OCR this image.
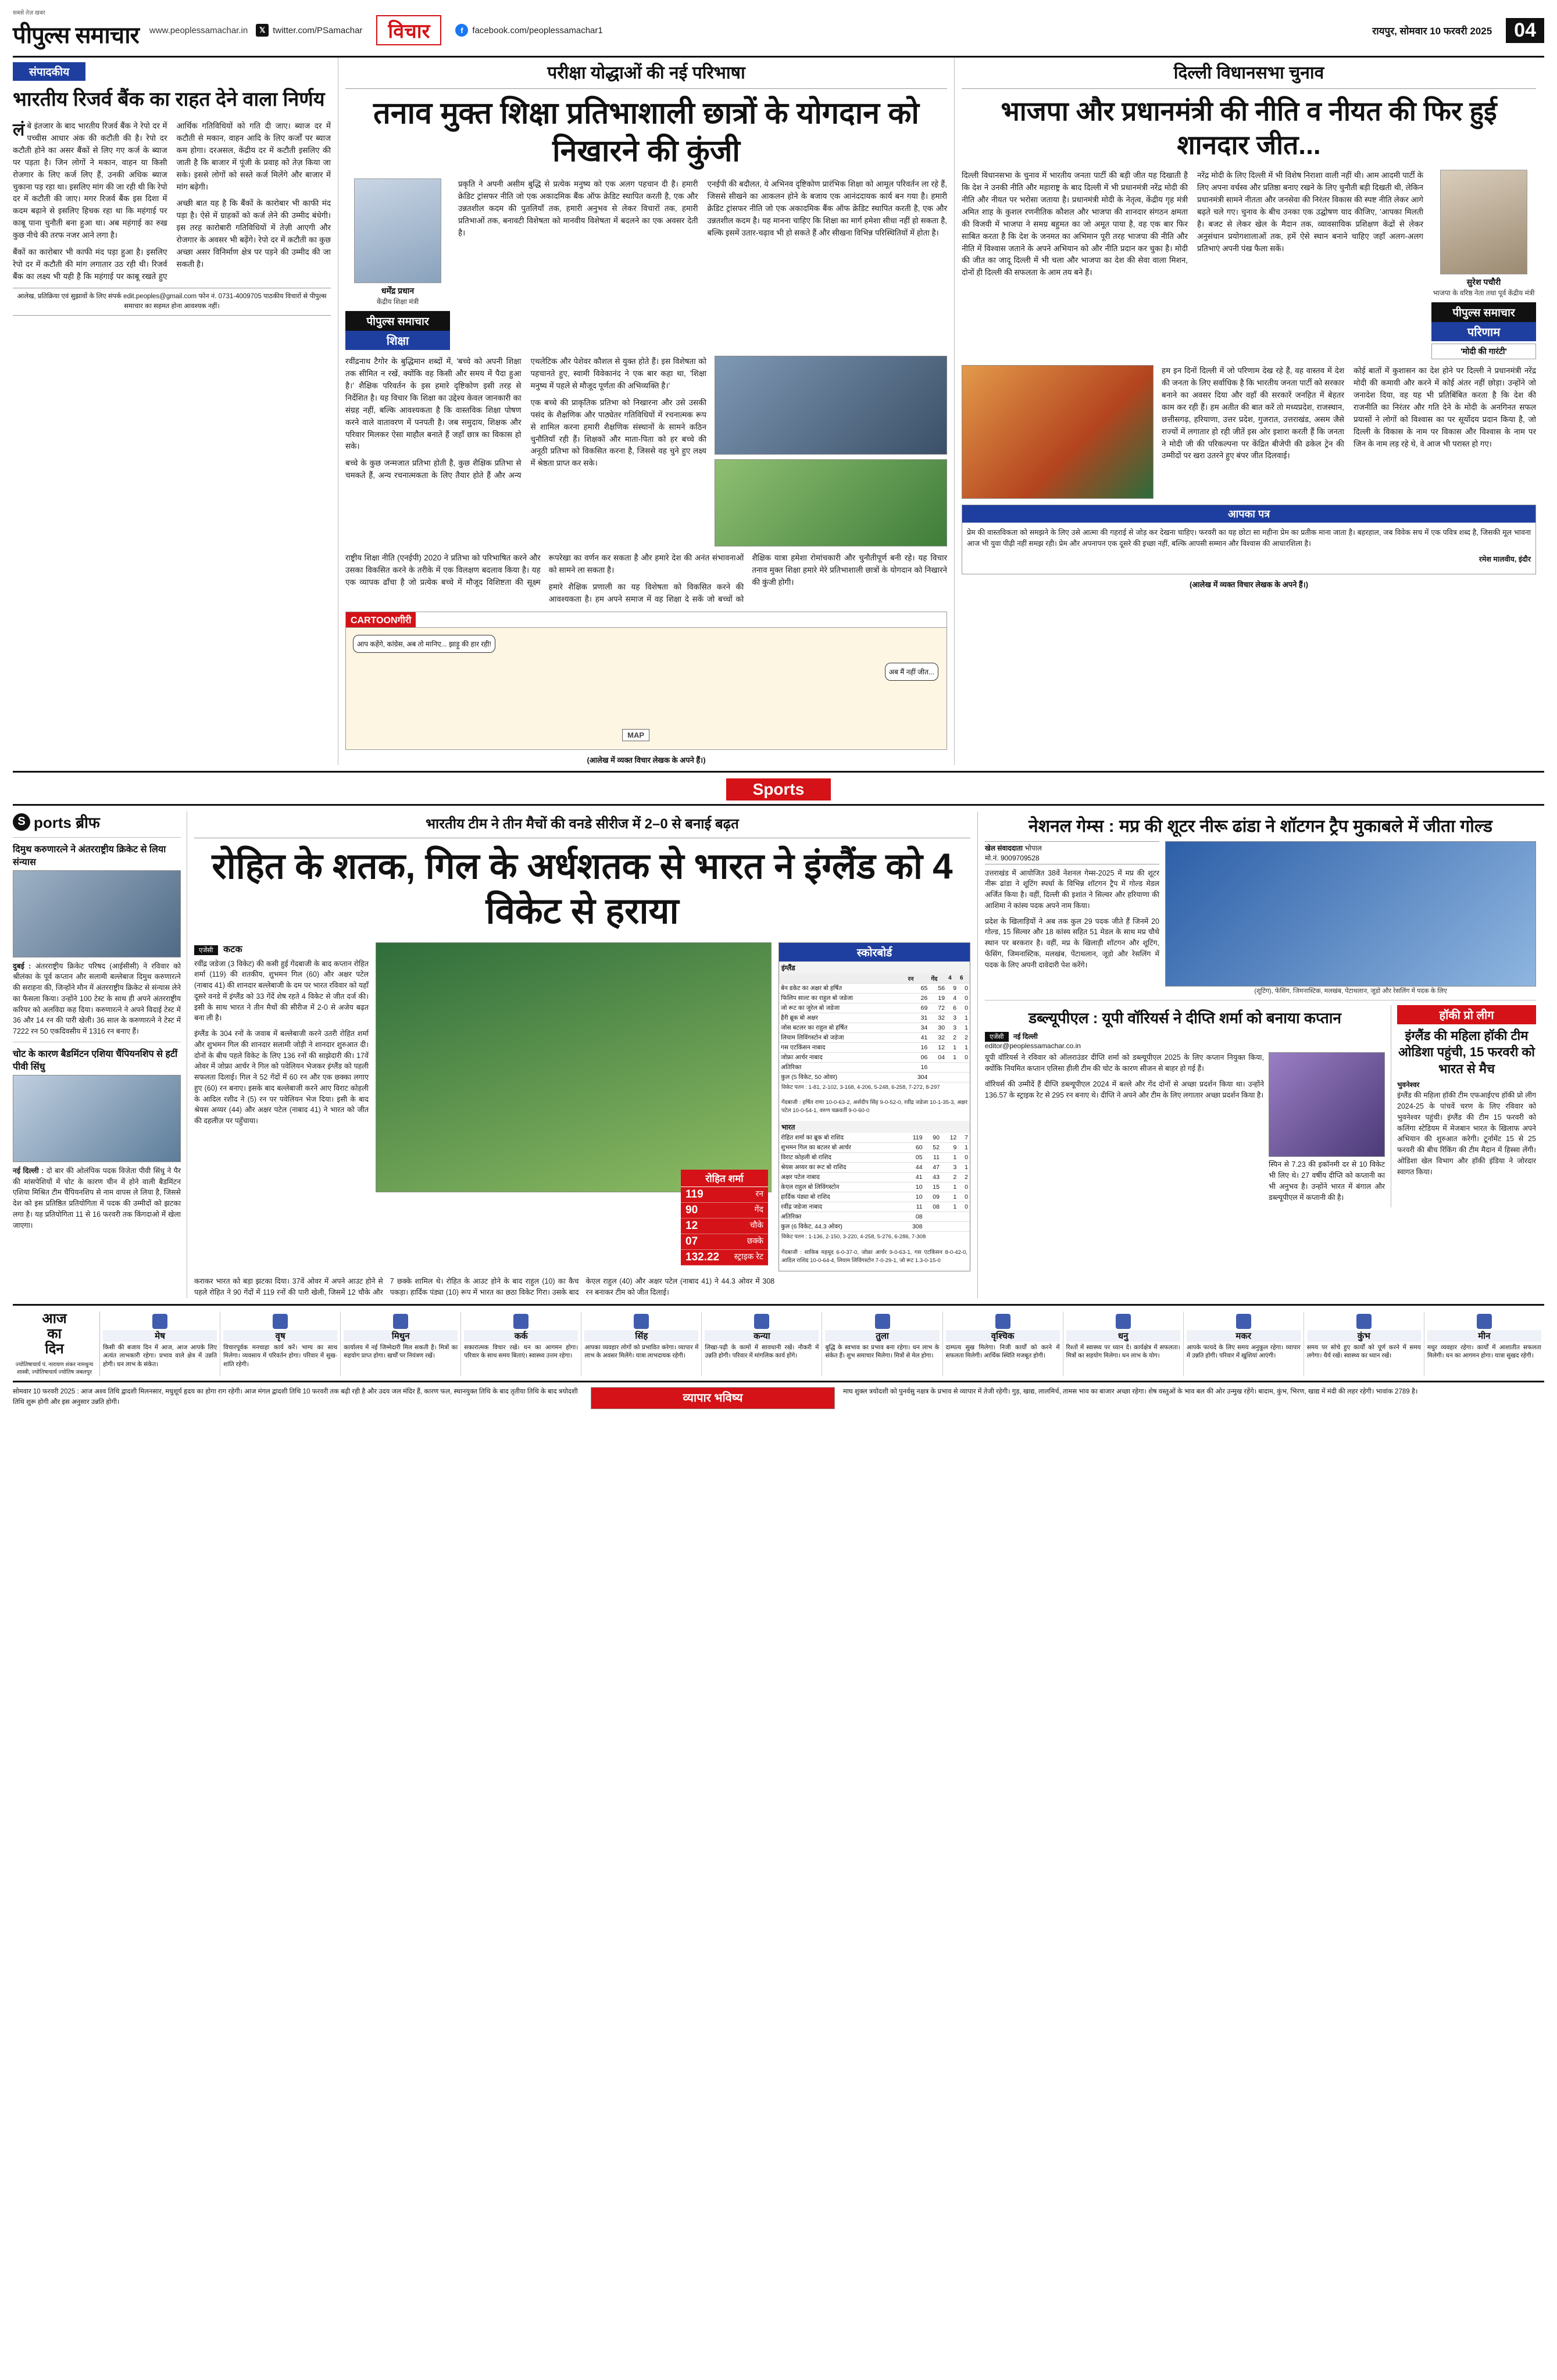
सबसे तेज़ खबर
पीपुल्स समाचार www.peoplessamachar.in	𝕏 twitter.com/PSamachar	विचार	f	facebook.com/peoplessamachar1	रायपुर, सोमवार 10 फरवरी 2025	04
संपादकीय
भारतीय रिजर्व बैंक का राहत देने वाला निर्णय

लंबे इंतजार के बाद भारतीय रिजर्व बैंक ने रेपो दर में पच्चीस आधार अंक की कटौती की है। रेपो दर कटौती होने का असर बैंकों से लिए गए कर्ज के ब्याज पर पड़ता है। जिन लोगों ने मकान, वाहन या किसी रोजगार के लिए कर्ज लिए हैं, उनकी अधिक ब्याज चुकाना पड़ रहा था। इसलिए मांग की जा रही थी कि रेपो दर में कटौती की जाए। मगर रिजर्व बैंक इस दिशा में कदम बढ़ाने से इसलिए हिचक रहा था कि महंगाई पर काबू पाना चुनौती बना हुआ था। अब महंगाई का रुख कुछ नीचे की तरफ नजर आने लगा है।

बैंकों का कारोबार भी काफी मंद पड़ा हुआ है। इसलिए रेपो दर में कटौती की मांग लगातार उठ रही थी। रिजर्व बैंक का लक्ष्य भी यही है कि महंगाई पर काबू रखते हुए आर्थिक गतिविधियों को गति दी जाए। ब्याज दर में कटौती से मकान, वाहन आदि के लिए कर्जों पर ब्याज कम होगा। दरअसल, केंद्रीय दर में कटौती इसलिए की जाती है कि बाजार में पूंजी के प्रवाह को तेज़ किया जा सके। इससे लोगों को सस्ते कर्ज मिलेंगे और बाजार में मांग बढ़ेगी।

अच्छी बात यह है कि बैंकों के कारोबार भी काफी मंद पड़ा है। ऐसे में ग्राहकों को कर्ज लेने की उम्मीद बंधेगी। इस तरह कारोबारी गतिविधियों में तेज़ी आएगी और रोजगार के अवसर भी बढ़ेंगे। रेपो दर में कटौती का कुछ अच्छा असर विनिर्माण क्षेत्र पर पड़ने की उम्मीद की जा सकती है।

आलेख, प्रतिक्रिया एवं सुझावों के लिए संपर्क edit.peoples@gmail.com फोन नं. 0731-4009705 पाठकीय विचारों से पीपुल्स समाचार का सहमत होना आवश्यक नहीं।
परीक्षा योद्धाओं की नई परिभाषा
तनाव मुक्त शिक्षा प्रतिभाशाली छात्रों के योगदान को निखारने की कुंजी
धर्मेंद्र प्रधान
केंद्रीय शिक्षा मंत्री
पीपुल्स समाचार
शिक्षा

प्रकृति ने अपनी असीम बुद्धि से प्रत्येक मनुष्य को एक अलग पहचान दी है। हमारी क्रेडिट ट्रांसफर नीति जो एक अकादमिक बैंक ऑफ क्रेडिट स्थापित करती है, एक और उन्नतशील कदम की पुतलियाँ तक, हमारी अनुभव से लेकर विचारों तक, हमारी प्रतिभाओं तक, बनावटी विशेषता को मानवीय विशेषता में बदलने का एक अवसर देती है।

एनईपी की बदौलत, ये अभिनव दृष्टिकोण प्रारंभिक शिक्षा को आमूल परिवर्तन ला रहे हैं, जिससे सीखने का आकलन होने के बजाय एक आनंददायक कार्य बन गया है। हमारी क्रेडिट ट्रांसफर नीति जो एक अकादमिक बैंक ऑफ क्रेडिट स्थापित करती है, एक और उन्नतशील कदम है। यह मानना चाहिए कि शिक्षा का मार्ग हमेशा सीधा नहीं हो सकता है, बल्कि इसमें उतार-चढ़ाव भी हो सकते हैं और सीखना विभिन्न परिस्थितियों में होता है।

रवींद्रनाथ टैगोर के बुद्धिमान शब्दों में, 'बच्चे को अपनी शिक्षा तक सीमित न रखें, क्योंकि वह किसी और समय में पैदा हुआ है।' शैक्षिक परिवर्तन के इस हमारे दृष्टिकोण इसी तरह से निर्देशित है। यह विचार कि शिक्षा का उद्देश्य केवल जानकारी का संग्रह नहीं, बल्कि आवश्यकता है कि वास्तविक शिक्षा पोषण करने वाले वातावरण में पनपती है। जब समुदाय, शिक्षक और परिवार मिलकर ऐसा माहौल बनाते हैं जहाँ छात्र का विकास हो सके।

बच्चे के कुछ जन्मजात प्रतिभा होती है, कुछ शैक्षिक प्रतिभा से चमकते हैं, अन्य रचनात्मकता के लिए तैयार होते हैं और अन्य एथलेटिक और पेशेवर कौशल से युक्त होते हैं। इस विशेषता को पहचानते हुए, स्वामी विवेकानंद ने एक बार कहा था, 'शिक्षा मनुष्य में पहले से मौजूद पूर्णता की अभिव्यक्ति है।'

एक बच्चे की प्राकृतिक प्रतिभा को निखारना और उसे उसकी पसंद के शैक्षणिक और पाठ्येतर गतिविधियों में रचनात्मक रूप से शामिल करना हमारी शैक्षणिक संस्थानों के सामने कठिन चुनौतियाँ रही हैं। शिक्षकों और माता-पिता को हर बच्चे की अनूठी प्रतिभा को विकसित करना है, जिससे वह चुने हुए लक्ष्य में श्रेष्ठता प्राप्त कर सके।

राष्ट्रीय शिक्षा नीति (एनईपी) 2020 ने प्रतिभा को परिभाषित करने और उसका विकसित करने के तरीके में एक विलक्षण बदलाव किया है। यह एक व्यापक ढाँचा है जो प्रत्येक बच्चे में मौजूद विशिष्टता की सूक्ष्म रूपरेखा का वर्णन कर सकता है और हमारे देश की अनंत संभावनाओं को सामने ला सकता है।

हमारे शैक्षिक प्रणाली का यह विशेषता को विकसित करने की आवश्यकता है। हम अपने समाज में वह शिक्षा दे सकें जो बच्चों को शैक्षिक यात्रा हमेशा रोमांचकारी और चुनौतीपूर्ण बनी रहे। यह विचार तनाव मुक्त शिक्षा हमारे मेरे प्रतिभाशाली छात्रों के योगदान को निखारने की कुंजी होगी।

CARTOONगीरी
आप कहेंगे, कांग्रेस, अब तो मानिए... झाड़ू की हार रही!
अब मैं नहीं जीत...
MAP
(आलेख में व्यक्त विचार लेखक के अपने हैं।)
दिल्ली विधानसभा चुनाव
भाजपा और प्रधानमंत्री की नीति व नीयत की फिर हुई शानदार जीत...

दिल्ली विधानसभा के चुनाव में भारतीय जनता पार्टी की बड़ी जीत यह दिखाती है कि देश ने उनकी नीति और महाराष्ट्र के बाद दिल्ली में भी प्रधानमंत्री नरेंद्र मोदी की नीति और नीयत पर भरोसा जताया है। प्रधानमंत्री मोदी के नेतृत्व, केंद्रीय गृह मंत्री अमित शाह के कुशल रणनीतिक कौशल और भाजपा की शानदार संगठन क्षमता की विजयी में भाजपा ने समग्र बहुमत का जो अमूत पाया है, वह एक बार फिर साबित करता है कि देश के जनमत का अभिमान पूरी तरह भाजपा की नीति और नीति में विश्वास जताने के अपने अभियान को और नीति प्रदान कर चुका है। मोदी की जीत का जादू दिल्ली में भी चला और भाजपा का देश की सेवा वाला मिशन, दोनों ही दिल्ली की सफलता के आम तय बने हैं।

नरेंद्र मोदी के लिए दिल्ली में भी विशेष निराशा वाली नहीं थी। आम आदमी पार्टी के लिए अपना वर्चस्व और प्रतिष्ठा बनाए रखने के लिए चुनौती बड़ी दिखती थी, लेकिन प्रधानमंत्री सामने नीतता और जनसेवा की निरंतर विकास की स्पष्ट नीति लेकर आगे बढ़ते चले गए। चुनाव के बीच उनका एक उद्घोषण याद कीजिए, 'आपका मिलती है। बजट से लेकर खेल के मैदान तक, व्यावसायिक प्रशिक्षण केंद्रों से लेकर अनुसंधान प्रयोगशालाओं तक, हमें ऐसे स्थान बनाने चाहिए जहाँ अलग-अलग प्रतिभाएं अपनी पंख फैला सकें।

सुरेश पचौरी
भाजपा के वरिष्ठ नेता तथा पूर्व केंद्रीय मंत्री
पीपुल्स समाचार
परिणाम
'मोदी की गारंटी'

हम इन दिनों दिल्ली में जो परिणाम देख रहे हैं, वह वास्तव में देश की जनता के लिए सर्वाधिक है कि भारतीय जनता पार्टी को सरकार बनाने का अवसर दिया और वहाँ की सरकारें जनहित में बेहतर काम कर रही हैं। हम अतीत की बात करें तो मध्यप्रदेश, राजस्थान, छत्तीसगढ़, हरियाणा, उत्तर प्रदेश, गुजरात, उत्तराखंड, असम जैसे राज्यों में लगातार हो रही जीतें इस ओर इशारा करती हैं कि जनता ने मोदी जी की परिकल्पना पर केंद्रित बीजेपी की ढकेल ट्रेन की उम्मीदों पर खरा उतरने हुए बंपर जीत दिलवाई।

कोई बातों में कुशासन का देश होने पर दिल्ली ने प्रधानमंत्री नरेंद्र मोदी की कमायी और करने में कोई अंतर नहीं छोड़ा। उन्होंने जो जनादेश दिया, वह यह भी प्रतिबिंबित करता है कि देश की राजनीति का निरंतर और गति देने के मोदी के अनगिनत सफल प्रयासों ने लोगों को विश्वास का पर सूर्योदय प्रदान किया है, जो दिल्ली के विकास के नाम पर विकास और विश्वास के नाम पर जिन के नाम लड़ रहे थे, वे आज भी परास्त हो गए।

आपका पत्र

प्रेम की वास्तविकता को समझने के लिए उसे आत्मा की गहराई से जोड़ कर देखना चाहिए। फरवरी का यह छोटा सा महीना प्रेम का प्रतीक माना जाता है। बहरहाल, जब विवेक सच में एक पवित्र शब्द है, जिसकी मूल भावना आज भी युवा पीढ़ी नहीं समझ रही। प्रेम और अपनापन एक दूसरे की इच्छा नहीं, बल्कि आपसी सम्मान और विश्वास की आधारशिला है।

रमेश मालवीय, इंदौर

(आलेख में व्यक्त विचार लेखक के अपने हैं।)
Sports
S ports ब्रीफ
दिमुथ करुणारत्ने ने अंतरराष्ट्रीय क्रिकेट से लिया संन्यास

दुबई : अंतरराष्ट्रीय क्रिकेट परिषद (आईसीसी) ने रविवार को श्रीलंका के पूर्व कप्तान और सलामी बल्लेबाज दिमुथ करुणारत्ने की सराहना की, जिन्होंने मौन में अंतरराष्ट्रीय क्रिकेट से संन्यास लेने का फैसला किया। उन्होंने 100 टेस्ट के साथ ही अपने अंतरराष्ट्रीय करियर को अलविदा कह दिया। करुणारत्ने ने अपने विदाई टेस्ट में 36 और 14 रन की पारी खेली। 36 साल के करुणारत्ने ने टेस्ट में 7222 रन 50 एकदिवसीय में 1316 रन बनाए हैं।

चोट के कारण बैडमिंटन एशिया चैंपियनशिप से हटीं पीवी सिंधु

नई दिल्ली : दो बार की ओलंपिक पदक विजेता पीवी सिंधु ने पैर की मांसपेशियों में चोट के कारण चीन में होने वाली बैडमिंटन एशिया मिश्रित टीम चैंपियनशिप से नाम वापस ले लिया है, जिससे देश को इस प्रतिष्ठित प्रतियोगिता में पदक की उम्मीदों को झटका लगा है। यह प्रतियोगिता 11 से 16 फरवरी तक किंगदाओ में खेला जाएगा।

भारतीय टीम ने तीन मैचों की वनडे सीरीज में 2–0 से बनाई बढ़त
रोहित के शतक, गिल के अर्धशतक से भारत ने इंग्लैंड को 4 विकेट से हराया
एजेंसी कटक

रवींद्र जडेजा (3 विकेट) की कसी हुई गेंदबाजी के बाद कप्तान रोहित शर्मा (119) की शतकीय, शुभमन गिल (60) और अक्षर पटेल (नाबाद 41) की शानदार बल्लेबाजी के दम पर भारत रविवार को यहाँ दूसरे वनडे में इंग्लैंड को 33 गेंदें शेष रहते 4 विकेट से जीत दर्ज की। इसी के साथ भारत ने तीन मैचों की सीरीज में 2-0 से अजेय बढ़त बना ली है।

इंग्लैंड के 304 रनों के जवाब में बल्लेबाजी करने उतरी रोहित शर्मा और शुभमन गिल की शानदार सलामी जोड़ी ने शानदार शुरुआत दी। दोनों के बीच पहले विकेट के लिए 136 रनों की साझेदारी की। 17वें ओवर में जोफ्रा आर्चर ने गिल को पवेलियन भेजकर इंग्लैंड को पहली सफलता दिलाई। गिल ने 52 गेंदों में 60 रन और एक छक्का लगाए हुए (60) रन बनाए। इसके बाद बल्लेबाजी करने आए विराट कोहली के आदिल रशीद ने (5) रन पर पवेलियन भेज दिया। इसी के बाद श्रेयस अय्यर (44) और अक्षर पटेल (नाबाद 41) ने भारत को जीत की दहलीज़ पर पहुँचाया।

रोहित शर्मा
119	रन
90	गेंद
12	चौके
07	छक्के
132.22 स्ट्राइक रेट
स्कोरबोर्ड
इंग्लैंड
	रन	गेंद	4	6
बेन डकेट का अक्षर बो हर्षित	65	56	9	0
फिलिप साल्ट का राहुल बो जडेजा	26	19	4	0
जो रूट का जुरेल बो जडेजा	69	72	6	0
हैरी ब्रूक बो अक्षर	31	32	3	1
जोस बटलर का राहुल बो हर्षित	34	30	3	1
लियाम लिविंगस्टोन बो जडेजा	41	32	2	2
गस एटकिंसन नाबाद	16	12	1	1
जोफ्रा आर्चर नाबाद	06	04	1	0
अतिरिक्त	16			
कुल (5 विकेट, 50 ओवर)	304			
विकेट पतन : 1-81, 2-102, 3-168, 4-206, 5-248, 6-258, 7-272, 8-297
गेंदबाजी : हर्षित राणा 10-0-63-2, अर्शदीप सिंह 9-0-52-0, रवींद्र जडेजा 10-1-35-3, अक्षर पटेल 10-0-54-1, वरुण चक्रवर्ती 9-0-60-0
भारत
रोहित शर्मा का ब्रूक बो राशिद	119	90	12	7
शुभमन गिल का बटलर बो आर्चर	60	52	9	1
विराट कोहली बो राशिद	05	11	1	0
श्रेयस अय्यर का रूट बो राशिद	44	47	3	1
अक्षर पटेल नाबाद	41	43	2	2
केएल राहुल बो लिविंगस्टोन	10	15	1	0
हार्दिक पंड्या बो राशिद	10	09	1	0
रवींद्र जडेजा नाबाद	11	08	1	0
अतिरिक्त	08			
कुल (6 विकेट, 44.3 ओवर)	308			
विकेट पतन : 1-136, 2-150, 3-220, 4-258, 5-276, 6-286, 7-308
गेंदबाजी : साकिब महमूद 6-0-37-0, जोफ्रा आर्चर 9-0-63-1, गस एटकिंसन 8-0-42-0, आदिल राशिद 10-0-64-4, लियाम लिविंगस्टोन 7-0-29-1, जो रूट 1.3-0-15-0

कराकर भारत को बड़ा झटका दिया। 37वें ओवर में अपने आउट होने से पहले रोहित ने 90 गेंदों में 119 रनों की पारी खेली, जिसमें 12 चौके और 7 छक्के शामिल थे। रोहित के आउट होने के बाद राहुल (10) का कैच पकड़ा। हार्दिक पंड्या (10) रूप में भारत का छठा विकेट गिरा। उसके बाद केएल राहुल (40) और अक्षर पटेल (नाबाद 41) ने 44.3 ओवर में 308 रन बनाकर टीम को जीत दिलाई।

नेशनल गेम्स : मप्र की शूटर नीरू ढांडा ने शॉटगन ट्रैप मुकाबले में जीता गोल्ड
खेल संवाददाता भोपाल
मो.नं. 9009709528

उत्तराखंड में आयोजित 38वें नेशनल गेम्स-2025 में मप्र की शूटर नीरू ढांडा ने शूटिंग स्पर्धा के विभिन्न शॉटगन ट्रैप में गोल्ड मेडल अर्जित किया है। वहीं, दिल्ली की इशांत ने सिल्वर और हरियाणा की आशिमा ने कांस्य पदक अपने नाम किया।

प्रदेश के खिलाड़ियों ने अब तक कुल 29 पदक जीते हैं जिनमें 20 गोल्ड, 15 सिल्वर और 18 कांस्य सहित 51 मेडल के साथ मप्र चौथे स्थान पर बरकरार है। वहीं, मप्र के खिलाड़ी शॉटगन और शूटिंग, फेंसिंग, जिमनास्टिक, मलखंब, पेंटाथलान, जूडो और रेसलिंग में पदक के लिए अपनी दावेदारी पेश करेंगे।

(शूटिंग), फेंसिंग, जिमनास्टिक, मलखंब, पेंटाथलान, जूडो और रेसलिंग में पदक के लिए
डब्ल्यूपीएल : यूपी वॉरियर्स ने दीप्ति शर्मा को बनाया कप्तान
एजेंसी नई दिल्ली
editor@peoplessamachar.co.in

यूपी वॉरियर्स ने रविवार को ऑलराउंडर दीप्ति शर्मा को डब्ल्यूपीएल 2025 के लिए कप्तान नियुक्त किया, क्योंकि नियमित कप्तान एलिसा हीली टीम की चोट के कारण सीजन से बाहर हो गई हैं।

वॉरियर्स की उम्मीदें हैं दीप्ति डब्ल्यूपीएल 2024 में बल्ले और गेंद दोनों से अच्छा प्रदर्शन किया था। उन्होंने 136.57 के स्ट्राइक रेट से 295 रन बनाए थे। दीप्ति ने अपने और टीम के लिए लगातार अच्छा प्रदर्शन किया है।

स्पिन से 7.23 की इकॉनमी दर से 10 विकेट भी लिए थे। 27 वर्षीय दीप्ति को कप्तानी का भी अनुभव है। उन्होंने भारत में बंगाल और डब्ल्यूपीएल में कप्तानी की है।

हॉकी प्रो लीग
इंग्लैंड की महिला हॉकी टीम ओडिशा पहुंची, 15 फरवरी को भारत से मैच
भुवनेश्वर

इंग्लैंड की महिला हॉकी टीम एफआईएच हॉकी प्रो लीग 2024-25 के पांचवें चरण के लिए रविवार को भुवनेश्वर पहुंची। इंग्लैंड की टीम 15 फरवरी को कलिंगा स्टेडियम में मेजबान भारत के खिलाफ अपने अभियान की शुरुआत करेगी। टूर्नामेंट 15 से 25 फरवरी की बीच रिंकिंग की टीम मैदान में हिस्सा लेंगी। ओडिशा खेल विभाग और हॉकी इंडिया ने जोरदार स्वागत किया।

आज
का
दिन
ज्योतिषाचार्य पं. नारायण शंकर नामधुन्य शास्त्री, ज्योतिषाचार्य ज्योतिष जबलपुर
मेष
किसी की बजाय दिन में आज, आज आपके लिए अत्यंत लाभकारी रहेगा। प्रभाव वाले क्षेत्र में उन्नति होगी। धन लाभ के संकेत।
वृष
विचारपूर्वक मनचाहा कार्य करें। भाग्य का साथ मिलेगा। व्यवसाय में परिवर्तन होगा। परिवार में सुख-शांति रहेगी।
मिथुन
कार्यालय में नई जिम्मेदारी मिल सकती है। मित्रों का सहयोग प्राप्त होगा। खर्चों पर नियंत्रण रखें।
कर्क
सकारात्मक विचार रखें। धन का आगमन होगा। परिवार के साथ समय बिताएं। स्वास्थ्य उत्तम रहेगा।
सिंह
आपका व्यवहार लोगों को प्रभावित करेगा। व्यापार में लाभ के अवसर मिलेंगे। यात्रा लाभदायक रहेगी।
कन्या
लिखा-पढ़ी के कामों में सावधानी रखें। नौकरी में उन्नति होगी। परिवार में मांगलिक कार्य होंगे।
तुला
बुद्धि के स्वभाव का प्रभाव बना रहेगा। धन लाभ के संकेत हैं। शुभ समाचार मिलेगा। मित्रों से मेल होगा।
वृश्चिक
दाम्पत्य सुख मिलेगा। निजी कार्यों को करने में सफलता मिलेगी। आर्थिक स्थिति मजबूत होगी।
धनु
रिश्तों में स्वास्थ्य पर ध्यान दें। कार्यक्षेत्र में सफलता। मित्रों का सहयोग मिलेगा। धन लाभ के योग।
मकर
आपके फायदे के लिए समय अनुकूल रहेगा। व्यापार में उन्नति होगी। परिवार में खुशियां आएंगी।
कुंभ
समय पर सोचे हुए कार्यों को पूर्ण करने में समय लगेगा। धैर्य रखें। स्वास्थ्य का ध्यान रखें।
मीन
मधुर व्यवहार रहेगा। कार्यों में आशातीत सफलता मिलेगी। धन का आगमन होगा। यात्रा सुखद रहेगी।
सोमवार 10 फरवरी 2025 : आज अश्व तिथि द्वादशी मिलनसार, मधुशूर्य हृदय का होगा राग रहेगी। आज मंगल द्वादशी तिथि 10 फरवरी तक बढ़ी रही है और उदय जल मंदिर हैं, कारण फल, स्थानयुक्त तिथि के बाद तृतीया तिथि के बाद त्रयोदशी तिथि शुरू होगी और इस अनुसार उन्नति होगी।	व्यापार भविष्य	माघ शुक्ल त्रयोदशी को पुनर्वसु नक्षत्र के प्रभाव से व्यापार में तेजी रहेगी। गुड़, खाद्य, लालमिर्च, तामस भाव का बाजार अच्छा रहेगा। शेष वस्तुओं के भाव बल की ओर उन्मुख रहेंगे। बादाम, कुंभ, भिरण, खाद्य में मंदी की लहर रहेगी। भावांक 2789 है।
